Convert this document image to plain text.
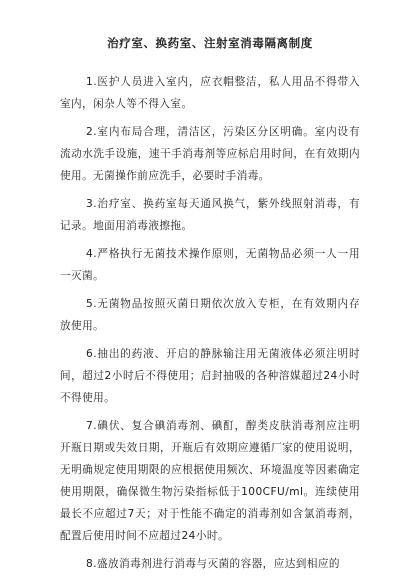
治疗室、换药室、注射室消毒隔离制度

1.医护人员进入室内，应衣帽整洁，私人用品不得带入室内，闲杂人等不得入室。

2.室内布局合理，清洁区，污染区分区明确。室内设有流动水洗手设施，速干手消毒剂等应标启用时间，在有效期内使用。无菌操作前应洗手，必要时手消毒。

3.治疗室、换药室每天通风换气，紫外线照射消毒，有记录。地面用消毒液擦拖。

4.严格执行无菌技术操作原则，无菌物品必须一人一用一灭菌。

5.无菌物品按照灭菌日期依次放入专柜，在有效期内存放使用。

6.抽出的药液、开启的静脉输注用无菌液体必须注明时间，超过2小时后不得使用；启封抽吸的各种溶媒超过24小时不得使用。

7.碘伏、复合碘消毒剂、碘酊，醇类皮肤消毒剂应注明开瓶日期或失效日期，开瓶后有效期应遵循厂家的使用说明，无明确规定使用期限的应根据使用频次、环境温度等因素确定使用期限，确保微生物污染指标低于100CFU/ml。连续使用最长不应超过7天；对于性能不确定的消毒剂如含氯消毒剂，配置后使用时间不应超过24小时。

8.盛放消毒剂进行消毒与灭菌的容器，应达到相应的
